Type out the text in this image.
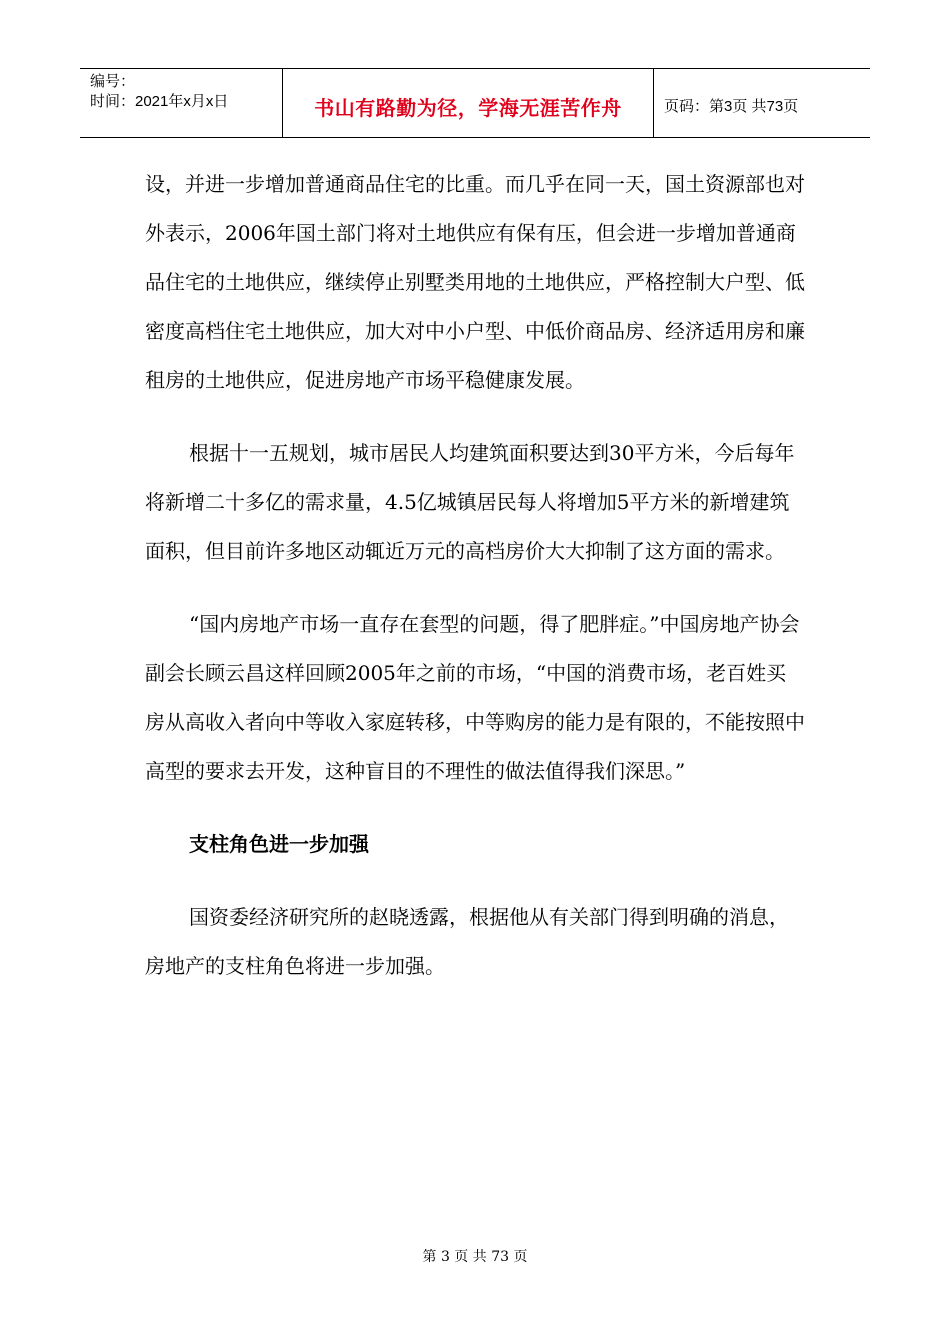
编号：
时间：2021年x月x日	书山有路勤为径，学海无涯苦作舟	页码：第3页 共73页

设，并进一步增加普通商品住宅的比重。而几乎在同一天，国土资源部也对外表示，2006年国土部门将对土地供应有保有压，但会进一步增加普通商品住宅的土地供应，继续停止别墅类用地的土地供应，严格控制大户型、低密度高档住宅土地供应，加大对中小户型、中低价商品房、经济适用房和廉租房的土地供应，促进房地产市场平稳健康发展。

根据十一五规划，城市居民人均建筑面积要达到30平方米，今后每年将新增二十多亿的需求量，4.5亿城镇居民每人将增加5平方米的新增建筑面积，但目前许多地区动辄近万元的高档房价大大抑制了这方面的需求。

“国内房地产市场一直存在套型的问题，得了肥胖症。”中国房地产协会副会长顾云昌这样回顾2005年之前的市场，“中国的消费市场，老百姓买房从高收入者向中等收入家庭转移，中等购房的能力是有限的，不能按照中高型的要求去开发，这种盲目的不理性的做法值得我们深思。”

支柱角色进一步加强

国资委经济研究所的赵晓透露，根据他从有关部门得到明确的消息，房地产的支柱角色将进一步加强。

第 3 页 共 73 页
